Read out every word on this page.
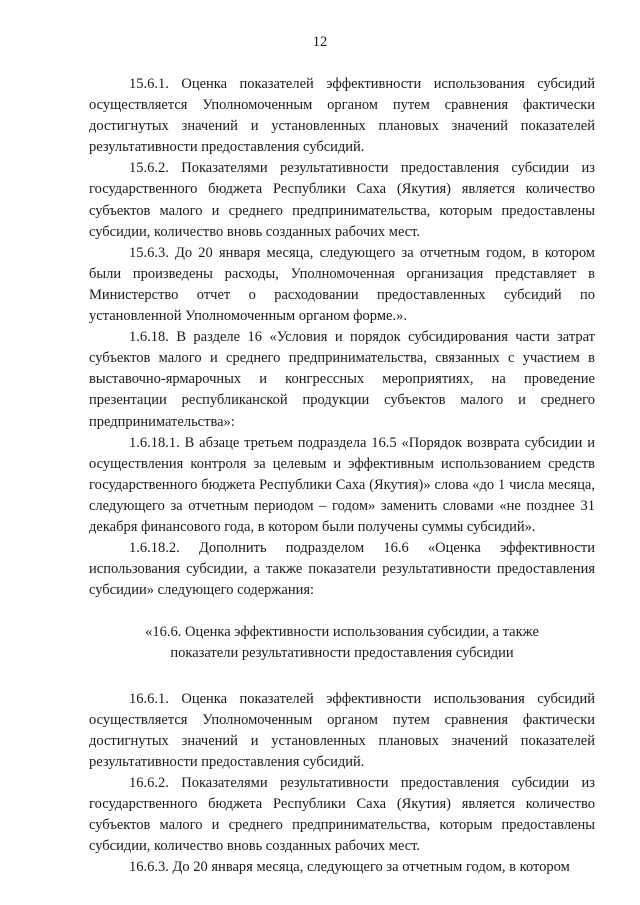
12

15.6.1. Оценка показателей эффективности использования субсидий осуществляется Уполномоченным органом путем сравнения фактически достигнутых значений и установленных плановых значений показателей результативности предоставления субсидий.

15.6.2. Показателями результативности предоставления субсидии из государственного бюджета Республики Саха (Якутия) является количество субъектов малого и среднего предпринимательства, которым предоставлены субсидии, количество вновь созданных рабочих мест.

15.6.3. До 20 января месяца, следующего за отчетным годом, в котором были произведены расходы, Уполномоченная организация представляет в Министерство отчет о расходовании предоставленных субсидий по установленной Уполномоченным органом форме.».

1.6.18. В разделе 16 «Условия и порядок субсидирования части затрат субъектов малого и среднего предпринимательства, связанных с участием в выставочно-ярмарочных и конгрессных мероприятиях, на проведение презентации республиканской продукции субъектов малого и среднего предпринимательства»:

1.6.18.1. В абзаце третьем подраздела 16.5 «Порядок возврата субсидии и осуществления контроля за целевым и эффективным использованием средств государственного бюджета Республики Саха (Якутия)» слова «до 1 числа месяца, следующего за отчетным периодом – годом» заменить словами «не позднее 31 декабря финансового года, в котором были получены суммы субсидий».

1.6.18.2. Дополнить подразделом 16.6 «Оценка эффективности использования субсидии, а также показатели результативности предоставления субсидии» следующего содержания:

«16.6. Оценка эффективности использования субсидии, а также
показатели результативности предоставления субсидии

16.6.1. Оценка показателей эффективности использования субсидий осуществляется Уполномоченным органом путем сравнения фактически достигнутых значений и установленных плановых значений показателей результативности предоставления субсидий.

16.6.2. Показателями результативности предоставления субсидии из государственного бюджета Республики Саха (Якутия) является количество субъектов малого и среднего предпринимательства, которым предоставлены субсидии, количество вновь созданных рабочих мест.

16.6.3. До 20 января месяца, следующего за отчетным годом, в котором
